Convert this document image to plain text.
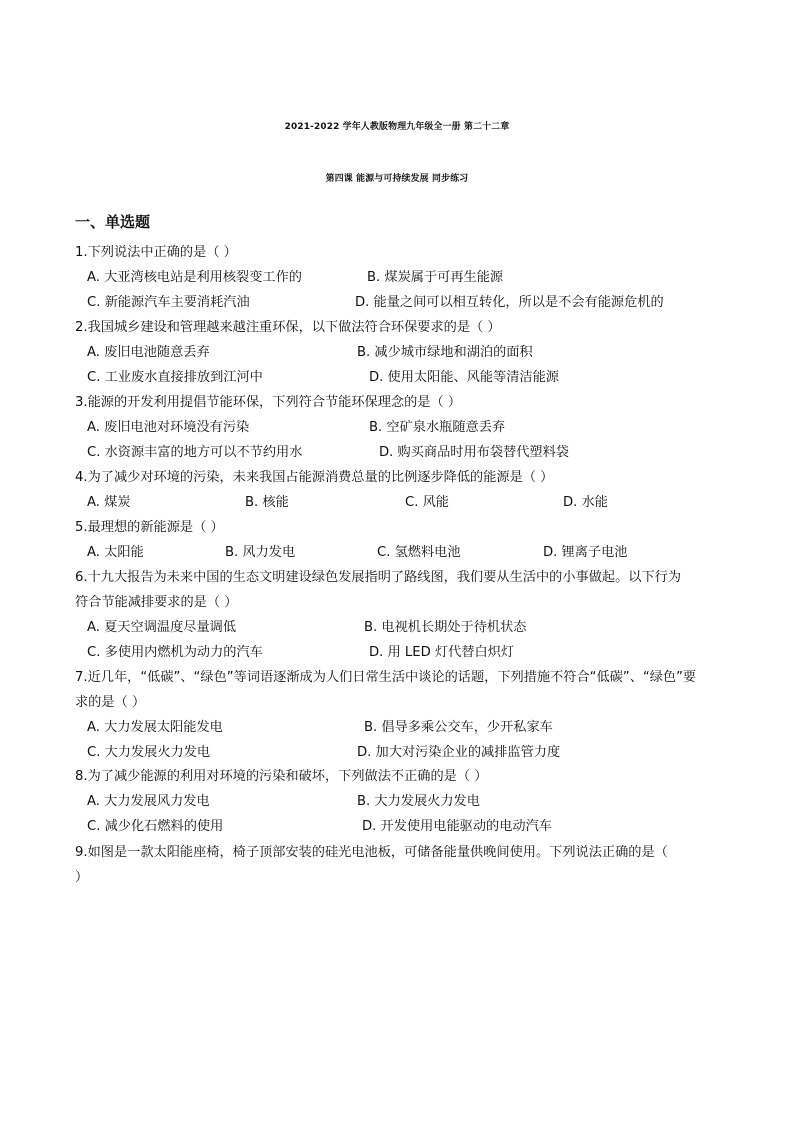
2021-2022 学年人教版物理九年级全一册 第二十二章
第四课 能源与可持续发展 同步练习
一、单选题
1.下列说法中正确的是（ ）
A. 大亚湾核电站是利用核裂变工作的	B. 煤炭属于可再生能源
C. 新能源汽车主要消耗汽油	D. 能量之间可以相互转化，所以是不会有能源危机的
2.我国城乡建设和管理越来越注重环保，以下做法符合环保要求的是（ ）
A. 废旧电池随意丢弃	B. 减少城市绿地和湖泊的面积
C. 工业废水直接排放到江河中	D. 使用太阳能、风能等清洁能源
3.能源的开发利用提倡节能环保，下列符合节能环保理念的是（ ）
A. 废旧电池对环境没有污染	B. 空矿泉水瓶随意丢弃
C. 水资源丰富的地方可以不节约用水	D. 购买商品时用布袋替代塑料袋
4.为了减少对环境的污染，未来我国占能源消费总量的比例逐步降低的能源是（ ）
A. 煤炭	B. 核能	C. 风能	D. 水能
5.最理想的新能源是（ ）
A. 太阳能	B. 风力发电	C. 氢燃料电池	D. 锂离子电池
6.十九大报告为未来中国的生态文明建设绿色发展指明了路线图，我们要从生活中的小事做起。以下行为
符合节能减排要求的是（ ）
A. 夏天空调温度尽量调低	B. 电视机长期处于待机状态
C. 多使用内燃机为动力的汽车	D. 用 LED 灯代替白炽灯
7.近几年，“低碳”、“绿色”等词语逐渐成为人们日常生活中谈论的话题，下列措施不符合“低碳”、“绿色”要
求的是（ ）
A. 大力发展太阳能发电	B. 倡导多乘公交车，少开私家车
C. 大力发展火力发电	D. 加大对污染企业的减排监管力度
8.为了减少能源的利用对环境的污染和破坏，下列做法不正确的是（ ）
A. 大力发展风力发电	B. 大力发展火力发电
C. 减少化石燃料的使用	D. 开发使用电能驱动的电动汽车
9.如图是一款太阳能座椅，椅子顶部安装的硅光电池板，可储备能量供晚间使用。下列说法正确的是（
）
